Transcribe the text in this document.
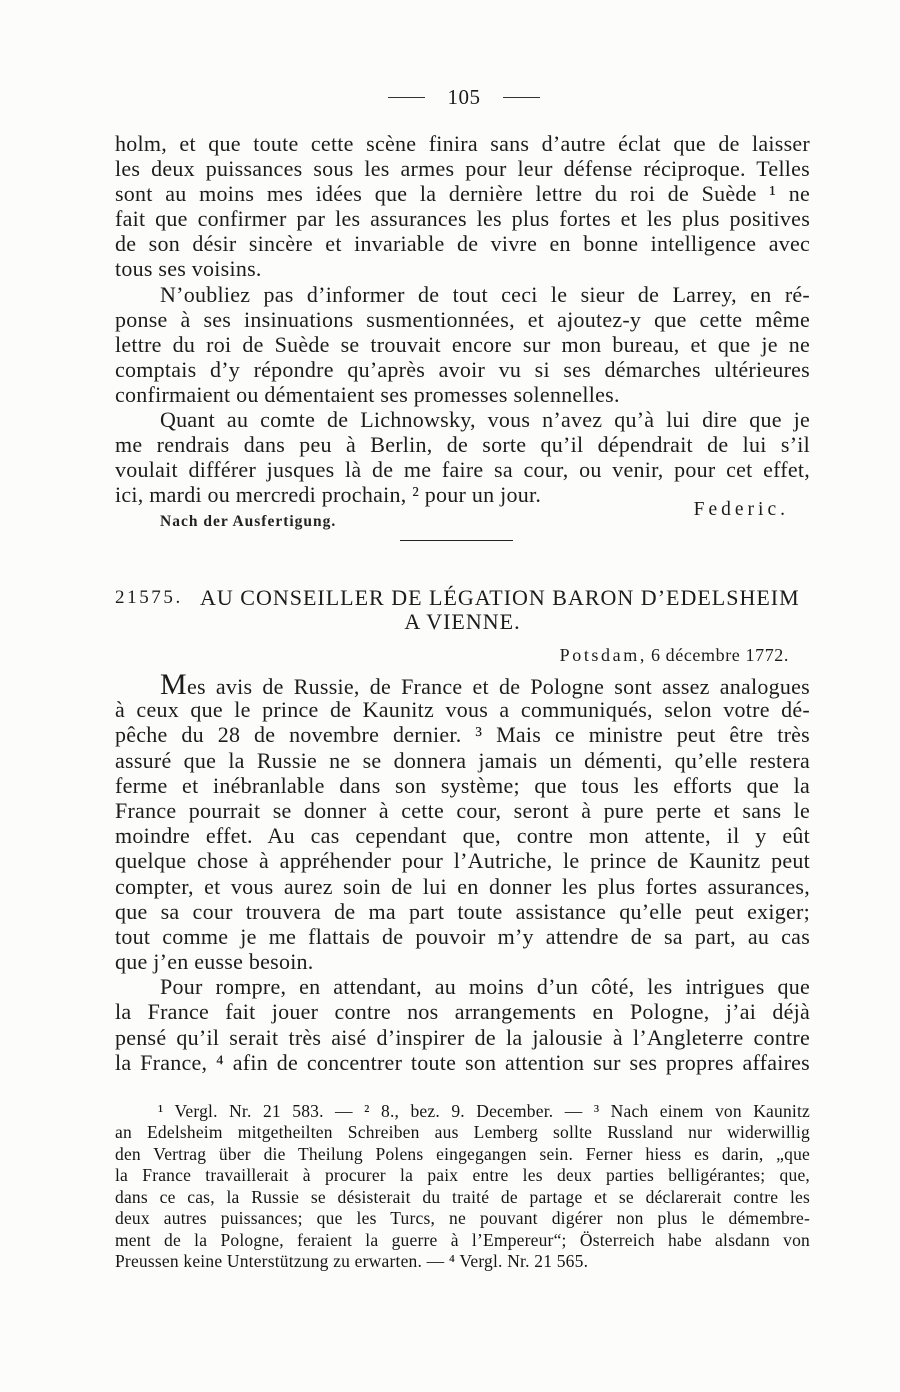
105
holm, et que toute cette scène finira sans d’autre éclat que de laisser
les deux puissances sous les armes pour leur défense réciproque. Telles
sont au moins mes idées que la dernière lettre du roi de Suède ¹ ne
fait que confirmer par les assurances les plus fortes et les plus positives
de son désir sincère et invariable de vivre en bonne intelligence avec
tous ses voisins.
N’oubliez pas d’informer de tout ceci le sieur de Larrey, en ré-
ponse à ses insinuations susmentionnées, et ajoutez-y que cette même
lettre du roi de Suède se trouvait encore sur mon bureau, et que je ne
comptais d’y répondre qu’après avoir vu si ses démarches ultérieures
confirmaient ou démentaient ses promesses solennelles.
Quant au comte de Lichnowsky, vous n’avez qu’à lui dire que je
me rendrais dans peu à Berlin, de sorte qu’il dépendrait de lui s’il
voulait différer jusques là de me faire sa cour, ou venir, pour cet effet,
ici, mardi ou mercredi prochain, ² pour un jour.
Federic.
Nach der Ausfertigung.
21575. AU CONSEILLER DE LÉGATION BARON D’EDELSHEIM
A VIENNE.
Potsdam, 6 décembre 1772.
Mes avis de Russie, de France et de Pologne sont assez analogues
à ceux que le prince de Kaunitz vous a communiqués, selon votre dé-
pêche du 28 de novembre dernier. ³ Mais ce ministre peut être très
assuré que la Russie ne se donnera jamais un démenti, qu’elle restera
ferme et inébranlable dans son système; que tous les efforts que la
France pourrait se donner à cette cour, seront à pure perte et sans le
moindre effet. Au cas cependant que, contre mon attente, il y eût
quelque chose à appréhender pour l’Autriche, le prince de Kaunitz peut
compter, et vous aurez soin de lui en donner les plus fortes assurances,
que sa cour trouvera de ma part toute assistance qu’elle peut exiger;
tout comme je me flattais de pouvoir m’y attendre de sa part, au cas
que j’en eusse besoin.
Pour rompre, en attendant, au moins d’un côté, les intrigues que
la France fait jouer contre nos arrangements en Pologne, j’ai déjà
pensé qu’il serait très aisé d’inspirer de la jalousie à l’Angleterre contre
la France, ⁴ afin de concentrer toute son attention sur ses propres affaires
¹ Vergl. Nr. 21 583. — ² 8., bez. 9. December. — ³ Nach einem von Kaunitz
an Edelsheim mitgetheilten Schreiben aus Lemberg sollte Russland nur widerwillig
den Vertrag über die Theilung Polens eingegangen sein. Ferner hiess es darin, „que
la France travaillerait à procurer la paix entre les deux parties belligérantes; que,
dans ce cas, la Russie se désisterait du traité de partage et se déclarerait contre les
deux autres puissances; que les Turcs, ne pouvant digérer non plus le démembre-
ment de la Pologne, feraient la guerre à l’Empereur“; Österreich habe alsdann von
Preussen keine Unterstützung zu erwarten. — ⁴ Vergl. Nr. 21 565.
